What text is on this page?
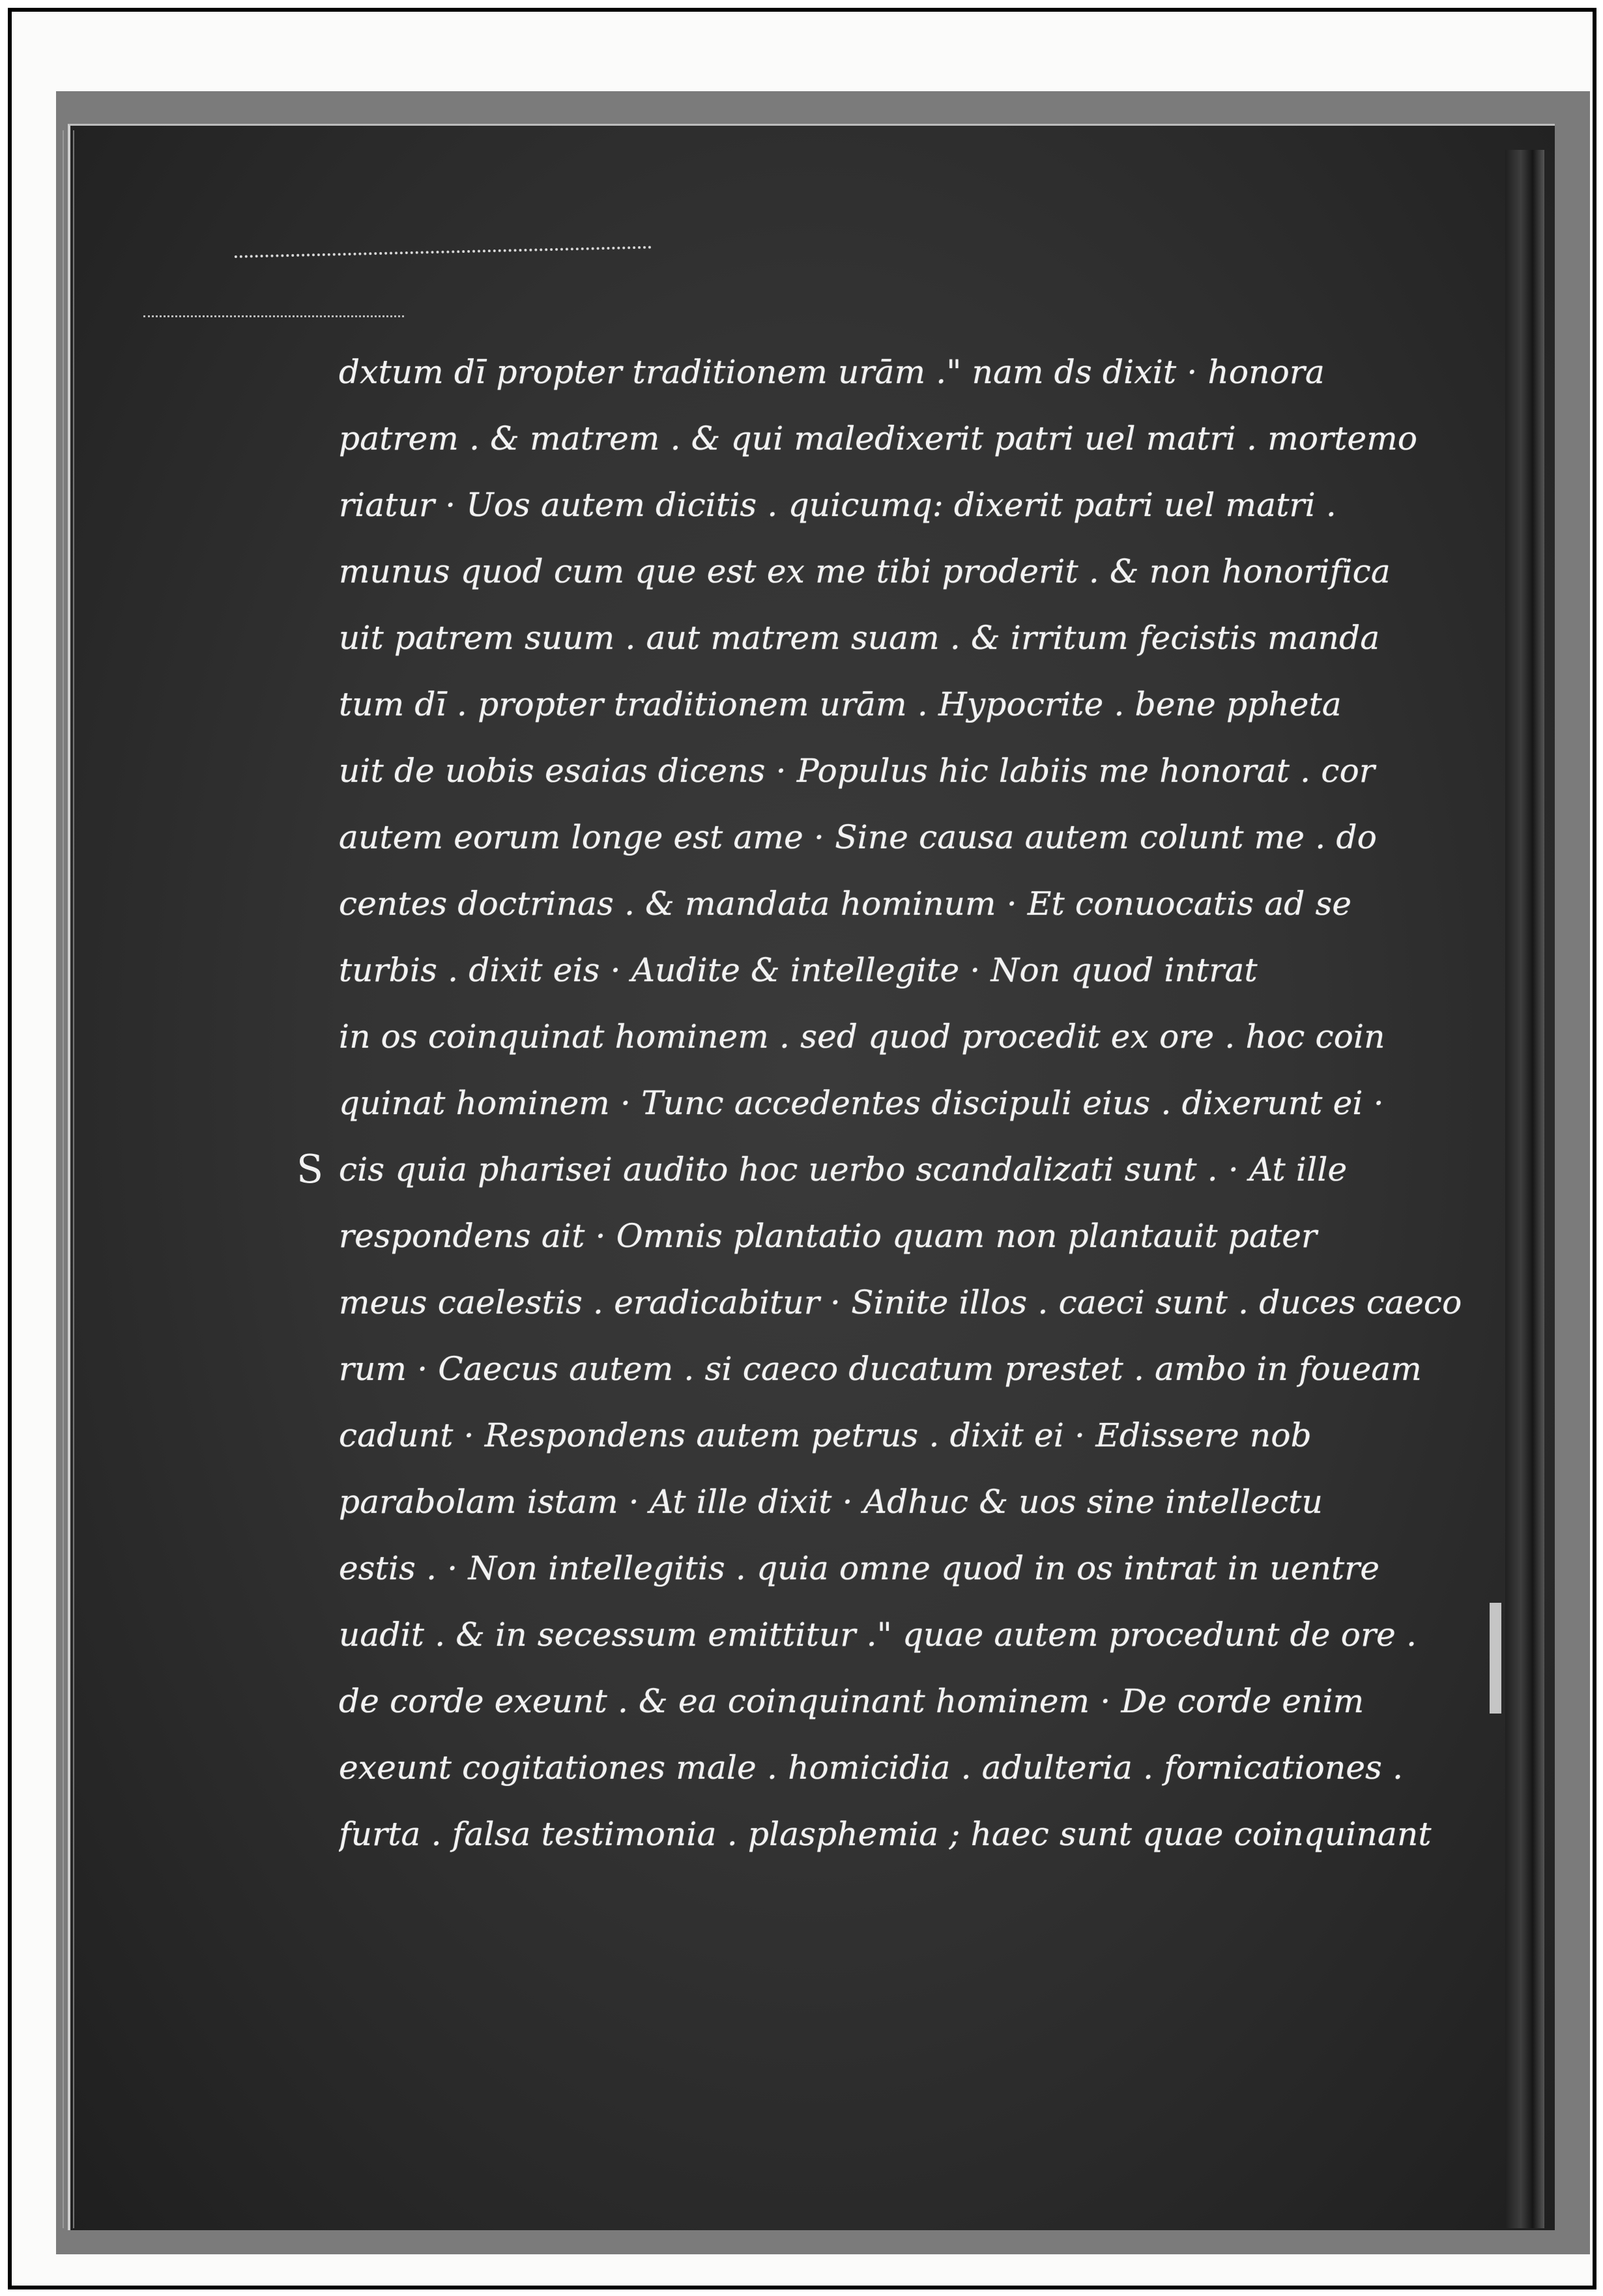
S
dxtum dī propter traditionem urām ." nam ds dixit · honora
patrem . & matrem . & qui maledixerit patri uel matri . mortemo
riatur · Uos autem dicitis . quicumq: dixerit patri uel matri .
munus quod cum que est ex me tibi proderit . & non honorifica
uit patrem suum . aut matrem suam . & irritum fecistis manda
tum dī . propter traditionem urām . Hypocrite . bene pphetа
uit de uobis esaias dicens · Populus hic labiis me honorat . cor
autem eorum longe est ame · Sine causa autem colunt me . do
centes doctrinas . & mandata hominum · Et conuocatis ad se
turbis . dixit eis · Audite & intellegite · Non quod intrat
in os coinquinat hominem . sed quod procedit ex ore . hoc coin
quinat hominem · Tunc accedentes discipuli eius . dixerunt ei ·
cis quia pharisei audito hoc uerbo scandalizati sunt . · At ille
respondens ait · Omnis plantatio quam non plantauit pater
meus caelestis . eradicabitur · Sinite illos . caeci sunt . duces caeco
rum · Caecus autem . si caeco ducatum prestet . ambo in fouеam
cadunt · Respondens autem petrus . dixit ei · Edissere nob
parabolam istam · At ille dixit · Adhuc & uos sine intellectu
estis . · Non intellegitis . quia omne quod in os intrat in uentre
uadit . & in secessum emittitur ." quae autem procedunt de ore .
de corde exeunt . & ea coinquinant hominem · De corde enim
exeunt cogitationes male . homicidia . adulteria . fornicationes .
furta . falsa testimonia . plasphemia ; haec sunt quae coinquinant
